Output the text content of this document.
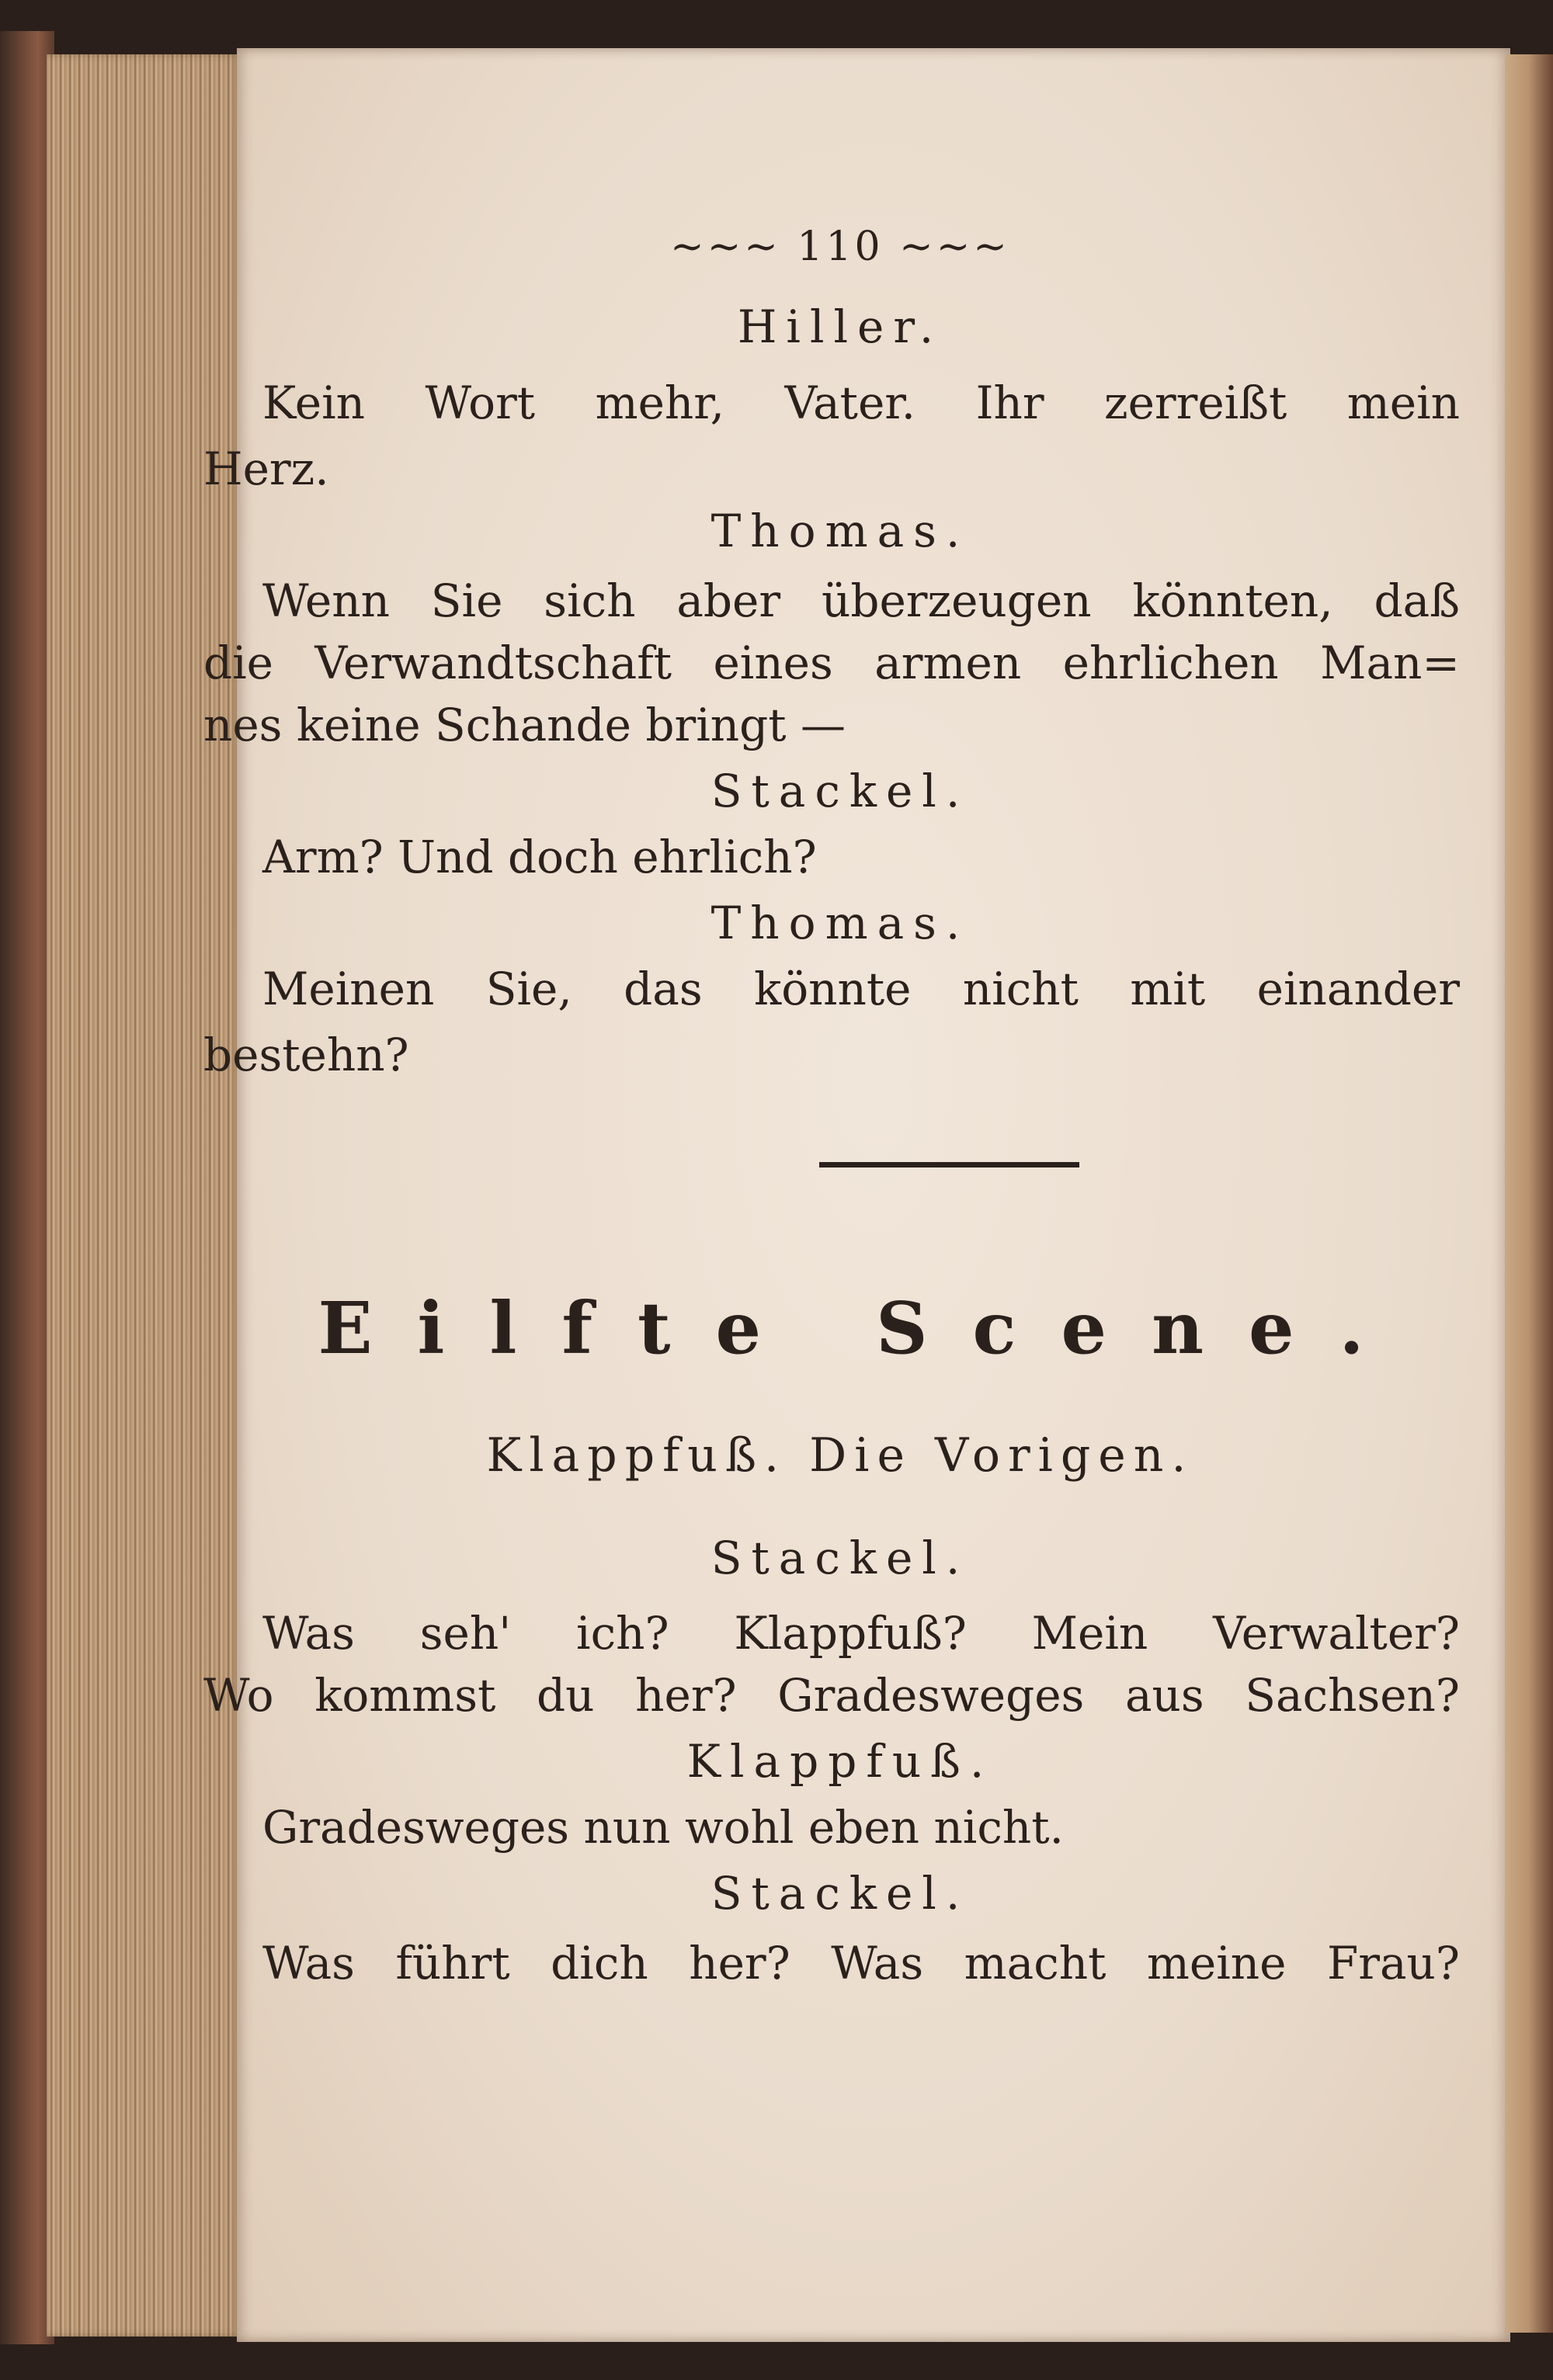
~~~ 110 ~~~
Hiller.
Kein Wort mehr, Vater. Ihr zerreißt mein
Herz.
Thomas.
Wenn Sie sich aber überzeugen könnten, daß
die Verwandtschaft eines armen ehrlichen Man=
nes keine Schande bringt —
Stackel.
Arm? Und doch ehrlich?
Thomas.
Meinen Sie, das könnte nicht mit einander
bestehn?
Eilfte Scene.
Klappfuß. Die Vorigen.
Stackel.
Was seh' ich? Klappfuß? Mein Verwalter?
Wo kommst du her? Gradesweges aus Sachsen?
Klappfuß.
Gradesweges nun wohl eben nicht.
Stackel.
Was führt dich her? Was macht meine Frau?
